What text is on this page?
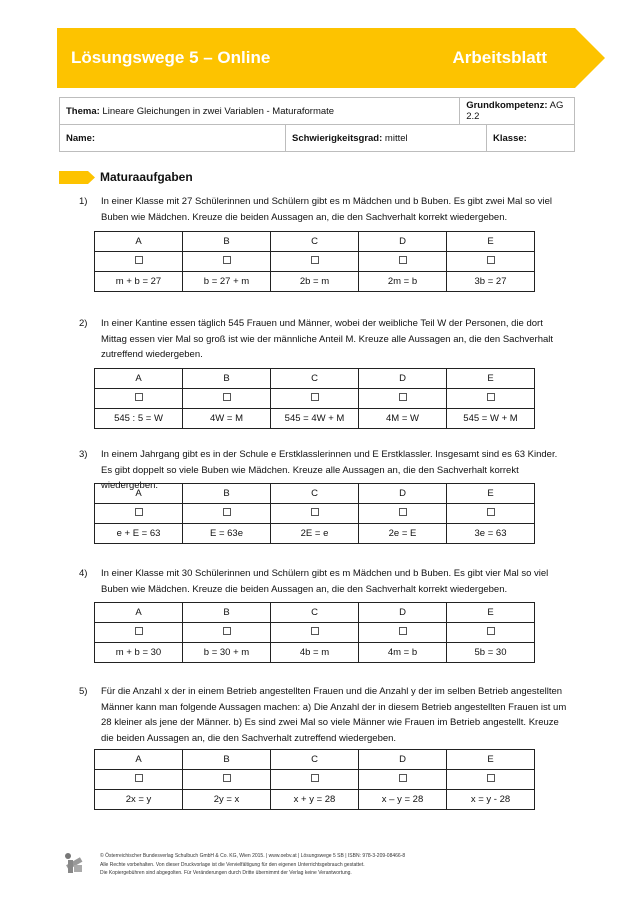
Lösungswege 5 – Online	Arbeitsblatt
Thema: Lineare Gleichungen in zwei Variablen - Maturaformate		Grundkompetenz: AG 2.2	
Name:	Schwierigkeitsgrad: mittel		Klasse:
Maturaaufgaben
1) In einer Klasse mit 27 Schülerinnen und Schülern gibt es m Mädchen und b Buben. Es gibt zwei Mal so viel Buben wie Mädchen. Kreuze die beiden Aussagen an, die den Sachverhalt korrekt wiedergeben.
A	B	C	D	E

m + b = 27	b = 27 + m	2b = m	2m = b	3b = 27
2) In einer Kantine essen täglich 545 Frauen und Männer, wobei der weibliche Teil W der Personen, die dort Mittag essen vier Mal so groß ist wie der männliche Anteil M. Kreuze alle Aussagen an, die den Sachverhalt zutreffend wiedergeben.
A	B	C	D	E

545 : 5 = W	4W = M	545 = 4W + M	4M = W	545 = W + M
3) In einem Jahrgang gibt es in der Schule e Erstklasslerinnen und E Erstklassler. Insgesamt sind es 63 Kinder. Es gibt doppelt so viele Buben wie Mädchen. Kreuze alle Aussagen an, die den Sachverhalt korrekt wiedergeben.
A	B	C	D	E

e + E = 63	E = 63e	2E = e	2e = E	3e = 63
4) In einer Klasse mit 30 Schülerinnen und Schülern gibt es m Mädchen und b Buben. Es gibt vier Mal so viel Buben wie Mädchen. Kreuze die beiden Aussagen an, die den Sachverhalt korrekt wiedergeben.
A	B	C	D	E

m + b = 30	b = 30 + m	4b = m	4m = b	5b = 30
5) Für die Anzahl x der in einem Betrieb angestellten Frauen und die Anzahl y der im selben Betrieb angestellten Männer kann man folgende Aussagen machen: a) Die Anzahl der in diesem Betrieb angestellten Frauen ist um 28 kleiner als jene der Männer. b) Es sind zwei Mal so viele Männer wie Frauen im Betrieb angestellt. Kreuze die beiden Aussagen an, die den Sachverhalt zutreffend wiedergeben.
A	B	C	D	E

2x = y	2y = x	x + y = 28	x – y = 28	x = y - 28
© Österreichischer Bundesverlag Schulbuch GmbH & Co. KG, Wien 2015. | www.oebv.at | Lösungswege 5 SB | ISBN: 978-3-209-08466-8
Alle Rechte vorbehalten. Von dieser Druckvorlage ist die Vervielfältigung für den eigenen Unterrichtsgebrauch gestattet.
Die Kopiergebühren sind abgegolten. Für Veränderungen durch Dritte übernimmt der Verlag keine Verantwortung.
